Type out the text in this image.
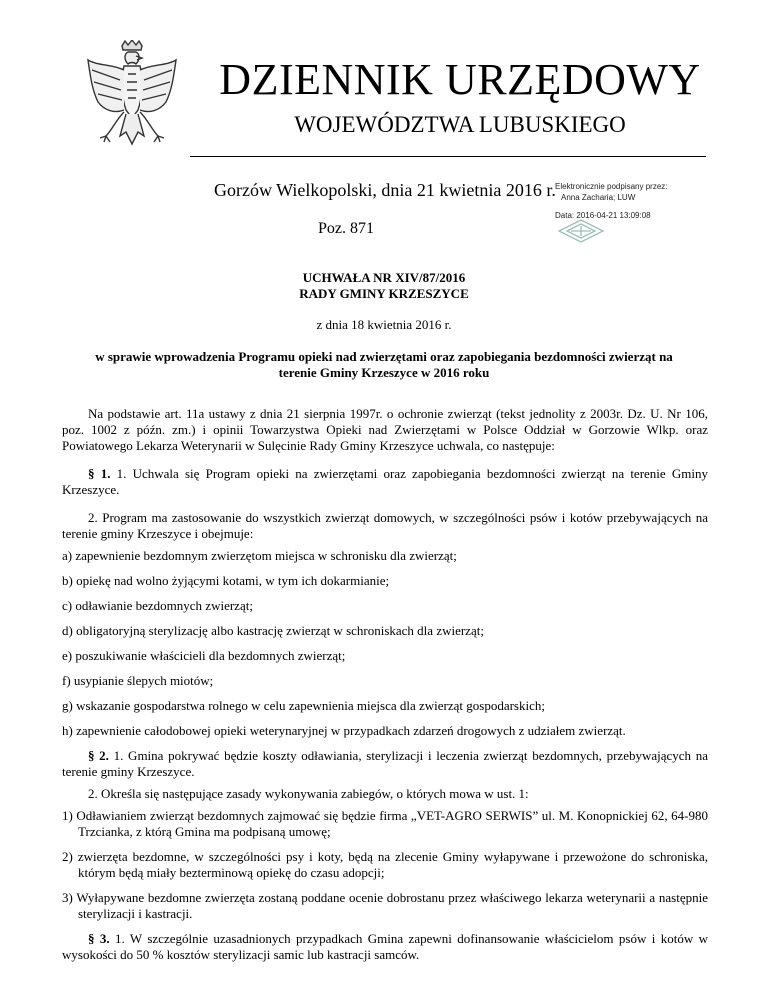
DZIENNIK URZĘDOWY
WOJEWÓDZTWA LUBUSKIEGO
Gorzów Wielkopolski, dnia 21 kwietnia 2016 r. Elektronicznie podpisany przez:
Anna Zacharia; LUW
Data: 2016-04-21 13:09:08
Poz. 871
UCHWAŁA NR XIV/87/2016
RADY GMINY KRZESZYCE
z dnia 18 kwietnia 2016 r.
w sprawie wprowadzenia Programu opieki nad zwierzętami oraz zapobiegania bezdomności zwierząt na
terenie Gminy Krzeszyce w 2016 roku

Na podstawie art. 11a ustawy z dnia 21 sierpnia 1997r. o ochronie zwierząt (tekst jednolity z 2003r. Dz. U. Nr 106, poz. 1002 z późn. zm.) i opinii Towarzystwa Opieki nad Zwierzętami w Polsce Oddział w Gorzowie Wlkp. oraz Powiatowego Lekarza Weterynarii w Sulęcinie Rady Gminy Krzeszyce uchwala, co następuje:

§ 1. 1. Uchwala się Program opieki na zwierzętami oraz zapobiegania bezdomności zwierząt na terenie Gminy Krzeszyce.

2. Program ma zastosowanie do wszystkich zwierząt domowych, w szczególności psów i kotów przebywających na terenie gminy Krzeszyce i obejmuje:

a) zapewnienie bezdomnym zwierzętom miejsca w schronisku dla zwierząt;

b) opiekę nad wolno żyjącymi kotami, w tym ich dokarmianie;

c) odławianie bezdomnych zwierząt;

d) obligatoryjną sterylizację albo kastrację zwierząt w schroniskach dla zwierząt;

e) poszukiwanie właścicieli dla bezdomnych zwierząt;

f) usypianie ślepych miotów;

g) wskazanie gospodarstwa rolnego w celu zapewnienia miejsca dla zwierząt gospodarskich;

h) zapewnienie całodobowej opieki weterynaryjnej w przypadkach zdarzeń drogowych z udziałem zwierząt.

§ 2. 1. Gmina pokrywać będzie koszty odławiania, sterylizacji i leczenia zwierząt bezdomnych, przebywających na terenie gminy Krzeszyce.

2. Określa się następujące zasady wykonywania zabiegów, o których mowa w ust. 1:

1) Odławianiem zwierząt bezdomnych zajmować się będzie firma „VET-AGRO SERWIS” ul. M. Konopnickiej 62, 64-980 Trzcianka, z którą Gmina ma podpisaną umowę;

2) zwierzęta bezdomne, w szczególności psy i koty, będą na zlecenie Gminy wyłapywane i przewożone do schroniska, którym będą miały bezterminową opiekę do czasu adopcji;

3) Wyłapywane bezdomne zwierzęta zostaną poddane ocenie dobrostanu przez właściwego lekarza weterynarii a następnie sterylizacji i kastracji.

§ 3. 1. W szczególnie uzasadnionych przypadkach Gmina zapewni dofinansowanie właścicielom psów i kotów w wysokości do 50 % kosztów sterylizacji samic lub kastracji samców.
